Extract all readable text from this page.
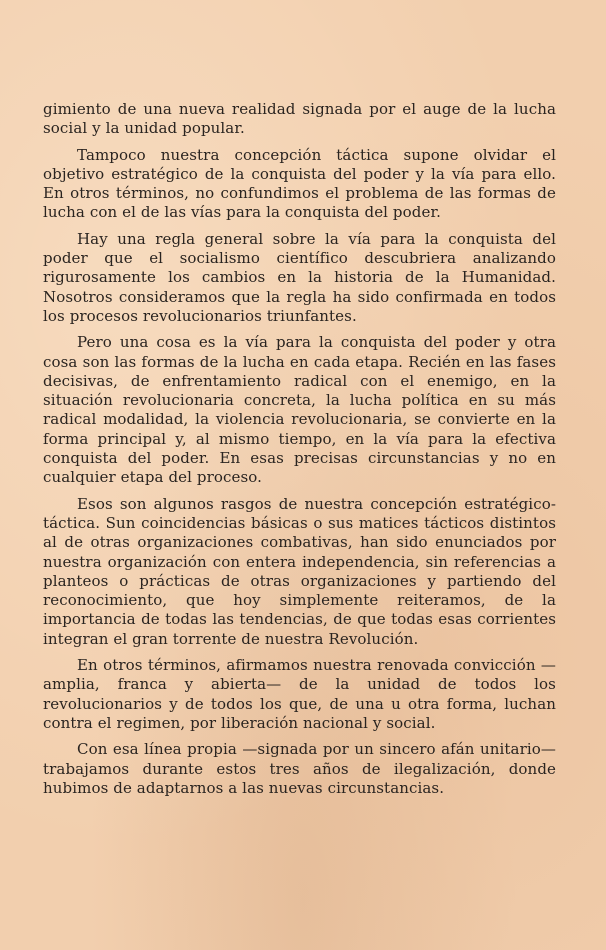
gimiento de una nueva realidad signada por el auge de la lucha social y la unidad popular.

Tampoco nuestra concepción táctica supone olvidar el objetivo estratégico de la conquista del poder y la vía para ello. En otros términos, no confundimos el problema de las formas de lucha con el de las vías para la conquista del poder.

Hay una regla general sobre la vía para la conquista del poder que el socialismo científico descubriera analizando rigurosamente los cambios en la historia de la Humanidad. Nosotros consideramos que la regla ha sido confirmada en todos los procesos revolucionarios triunfantes.

Pero una cosa es la vía para la conquista del poder y otra cosa son las formas de la lucha en cada etapa. Recién en las fases decisivas, de enfrentamiento radical con el enemigo, en la situación revolucionaria concreta, la lucha política en su más radical modalidad, la violencia revolucionaria, se convierte en la forma principal y, al mismo tiempo, en la vía para la efectiva conquista del poder. En esas precisas circunstancias y no en cualquier etapa del proceso.

Esos son algunos rasgos de nuestra concepción estratégico-táctica. Sun coincidencias básicas o sus matices tácticos distintos al de otras organizaciones combativas, han sido enunciados por nuestra organización con entera independencia, sin referencias a planteos o prácticas de otras organizaciones y partiendo del reconocimiento, que hoy simplemente reiteramos, de la importancia de todas las tendencias, de que todas esas corrientes integran el gran torrente de nuestra Revolución.

En otros términos, afirmamos nuestra renovada convicción —amplia, franca y abierta— de la unidad de todos los revolucionarios y de todos los que, de una u otra forma, luchan contra el regimen, por liberación nacional y social.

Con esa línea propia —signada por un sincero afán unitario— trabajamos durante estos tres años de ilegalización, donde hubimos de adaptarnos a las nuevas circunstancias.
